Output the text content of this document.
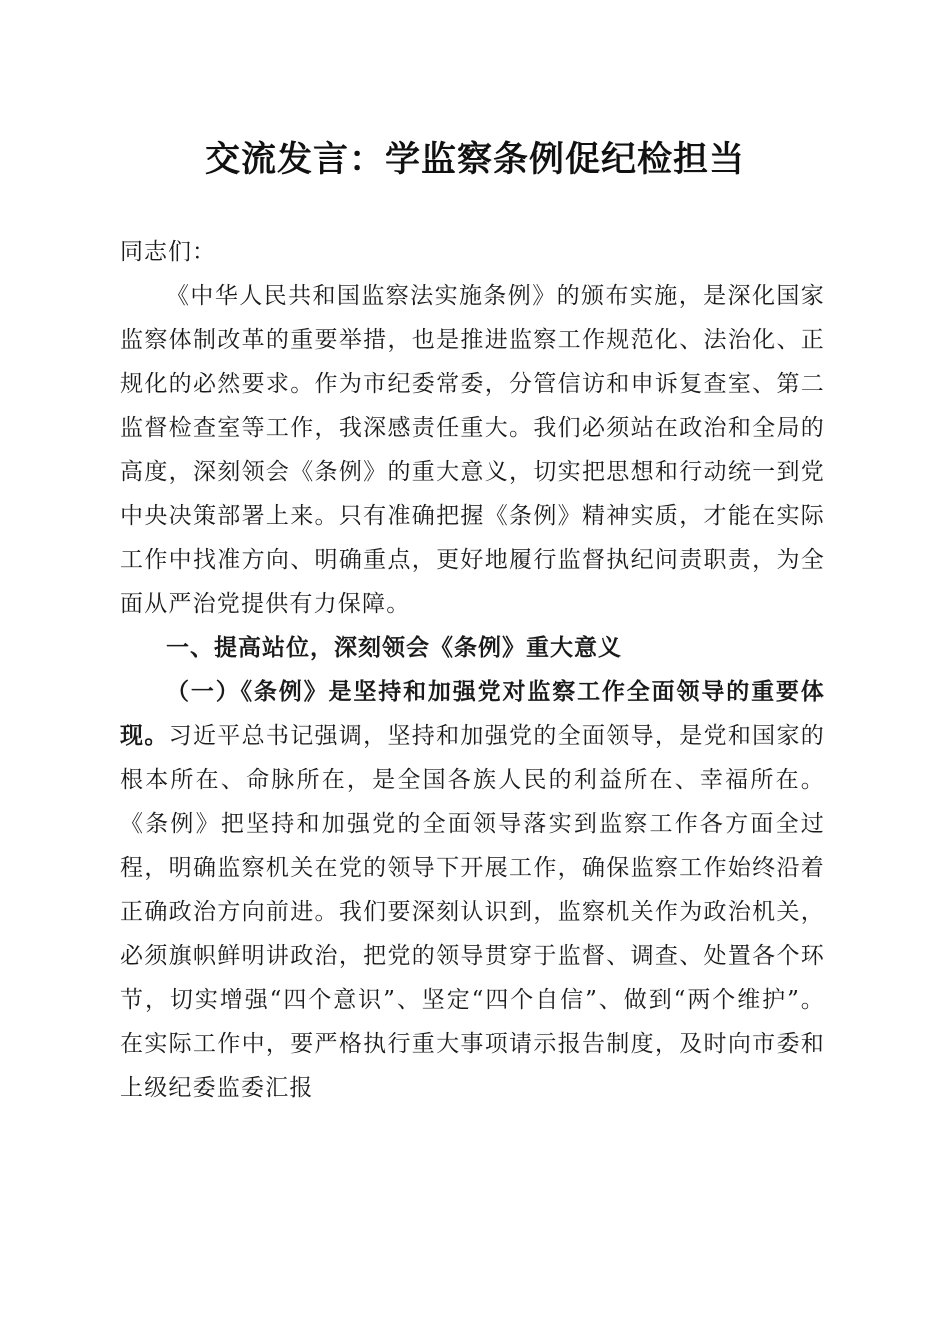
交流发言：学监察条例促纪检担当

同志们：

《中华人民共和国监察法实施条例》的颁布实施，是深化国家监察体制改革的重要举措，也是推进监察工作规范化、法治化、正规化的必然要求。作为市纪委常委，分管信访和申诉复查室、第二监督检查室等工作，我深感责任重大。我们必须站在政治和全局的高度，深刻领会《条例》的重大意义，切实把思想和行动统一到党中央决策部署上来。只有准确把握《条例》精神实质，才能在实际工作中找准方向、明确重点，更好地履行监督执纪问责职责，为全面从严治党提供有力保障。

一、提高站位，深刻领会《条例》重大意义

（一）《条例》是坚持和加强党对监察工作全面领导的重要体现。习近平总书记强调，坚持和加强党的全面领导，是党和国家的根本所在、命脉所在，是全国各族人民的利益所在、幸福所在。《条例》把坚持和加强党的全面领导落实到监察工作各方面全过程，明确监察机关在党的领导下开展工作，确保监察工作始终沿着正确政治方向前进。我们要深刻认识到，监察机关作为政治机关，必须旗帜鲜明讲政治，把党的领导贯穿于监督、调查、处置各个环节，切实增强“四个意识”、坚定“四个自信”、做到“两个维护”。在实际工作中，要严格执行重大事项请示报告制度，及时向市委和上级纪委监委汇报
